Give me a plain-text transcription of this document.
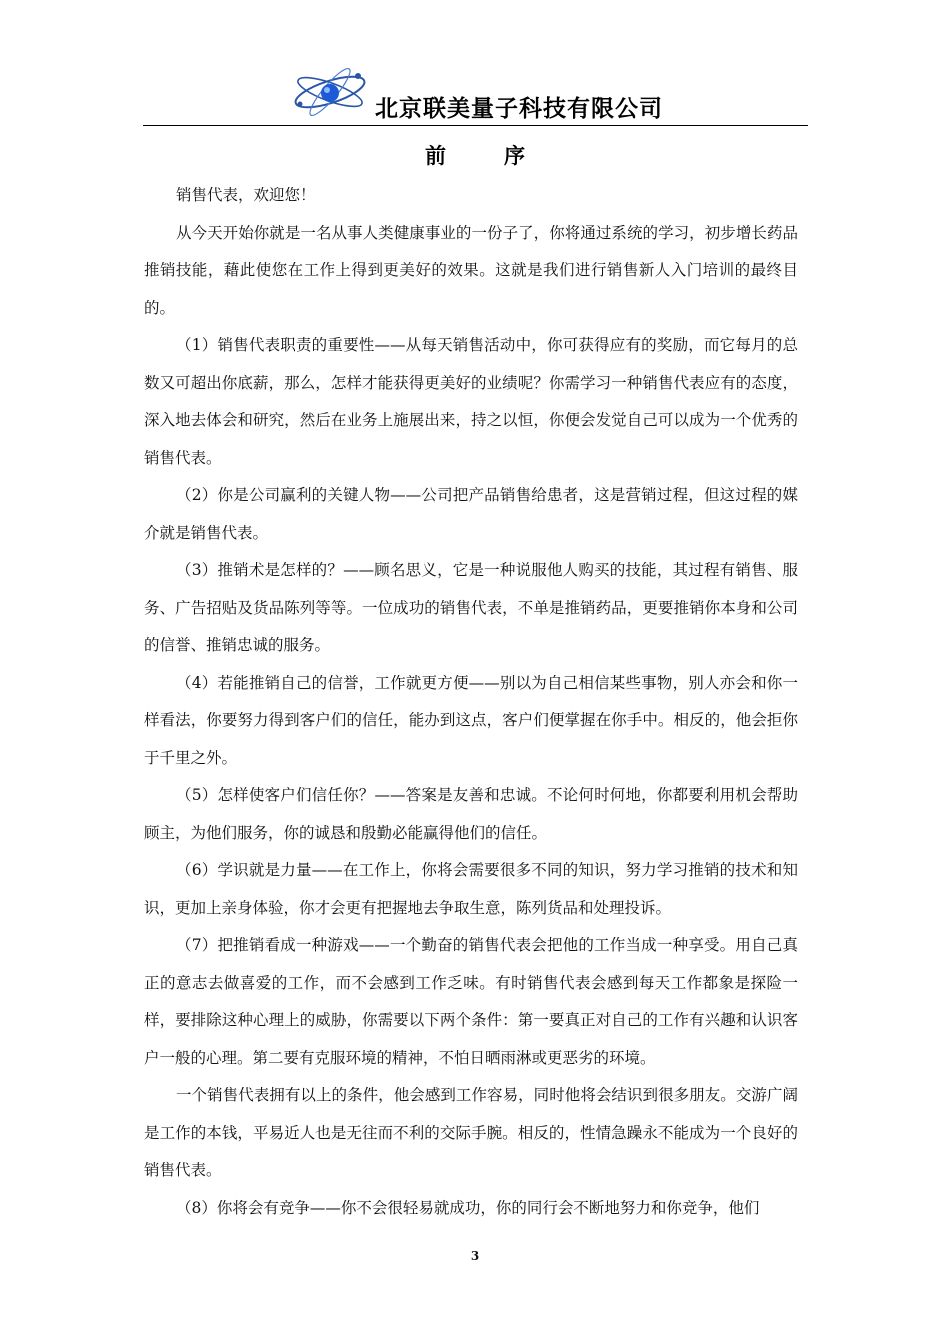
北京联美量子科技有限公司
前	序

销售代表，欢迎您！

从今天开始你就是一名从事人类健康事业的一份子了，你将通过系统的学习，初步增长药品推销技能，藉此使您在工作上得到更美好的效果。这就是我们进行销售新人入门培训的最终目的。

（1）销售代表职责的重要性——从每天销售活动中，你可获得应有的奖励，而它每月的总数又可超出你底薪，那么，怎样才能获得更美好的业绩呢？你需学习一种销售代表应有的态度，深入地去体会和研究，然后在业务上施展出来，持之以恒，你便会发觉自己可以成为一个优秀的销售代表。

（2）你是公司赢利的关键人物——公司把产品销售给患者，这是营销过程，但这过程的媒介就是销售代表。

（3）推销术是怎样的？——顾名思义，它是一种说服他人购买的技能，其过程有销售、服务、广告招贴及货品陈列等等。一位成功的销售代表，不单是推销药品，更要推销你本身和公司的信誉、推销忠诚的服务。

（4）若能推销自己的信誉，工作就更方便——别以为自己相信某些事物，别人亦会和你一样看法，你要努力得到客户们的信任，能办到这点，客户们便掌握在你手中。相反的，他会拒你于千里之外。

（5）怎样使客户们信任你？——答案是友善和忠诚。不论何时何地，你都要利用机会帮助顾主，为他们服务，你的诚恳和殷勤必能赢得他们的信任。

（6）学识就是力量——在工作上，你将会需要很多不同的知识，努力学习推销的技术和知识，更加上亲身体验，你才会更有把握地去争取生意，陈列货品和处理投诉。

（7）把推销看成一种游戏——一个勤奋的销售代表会把他的工作当成一种享受。用自己真正的意志去做喜爱的工作，而不会感到工作乏味。有时销售代表会感到每天工作都象是探险一样，要排除这种心理上的威胁，你需要以下两个条件：第一要真正对自己的工作有兴趣和认识客户一般的心理。第二要有克服环境的精神，不怕日晒雨淋或更恶劣的环境。

一个销售代表拥有以上的条件，他会感到工作容易，同时他将会结识到很多朋友。交游广阔是工作的本钱，平易近人也是无往而不利的交际手腕。相反的，性情急躁永不能成为一个良好的销售代表。

（8）你将会有竞争——你不会很轻易就成功，你的同行会不断地努力和你竞争，他们

3
